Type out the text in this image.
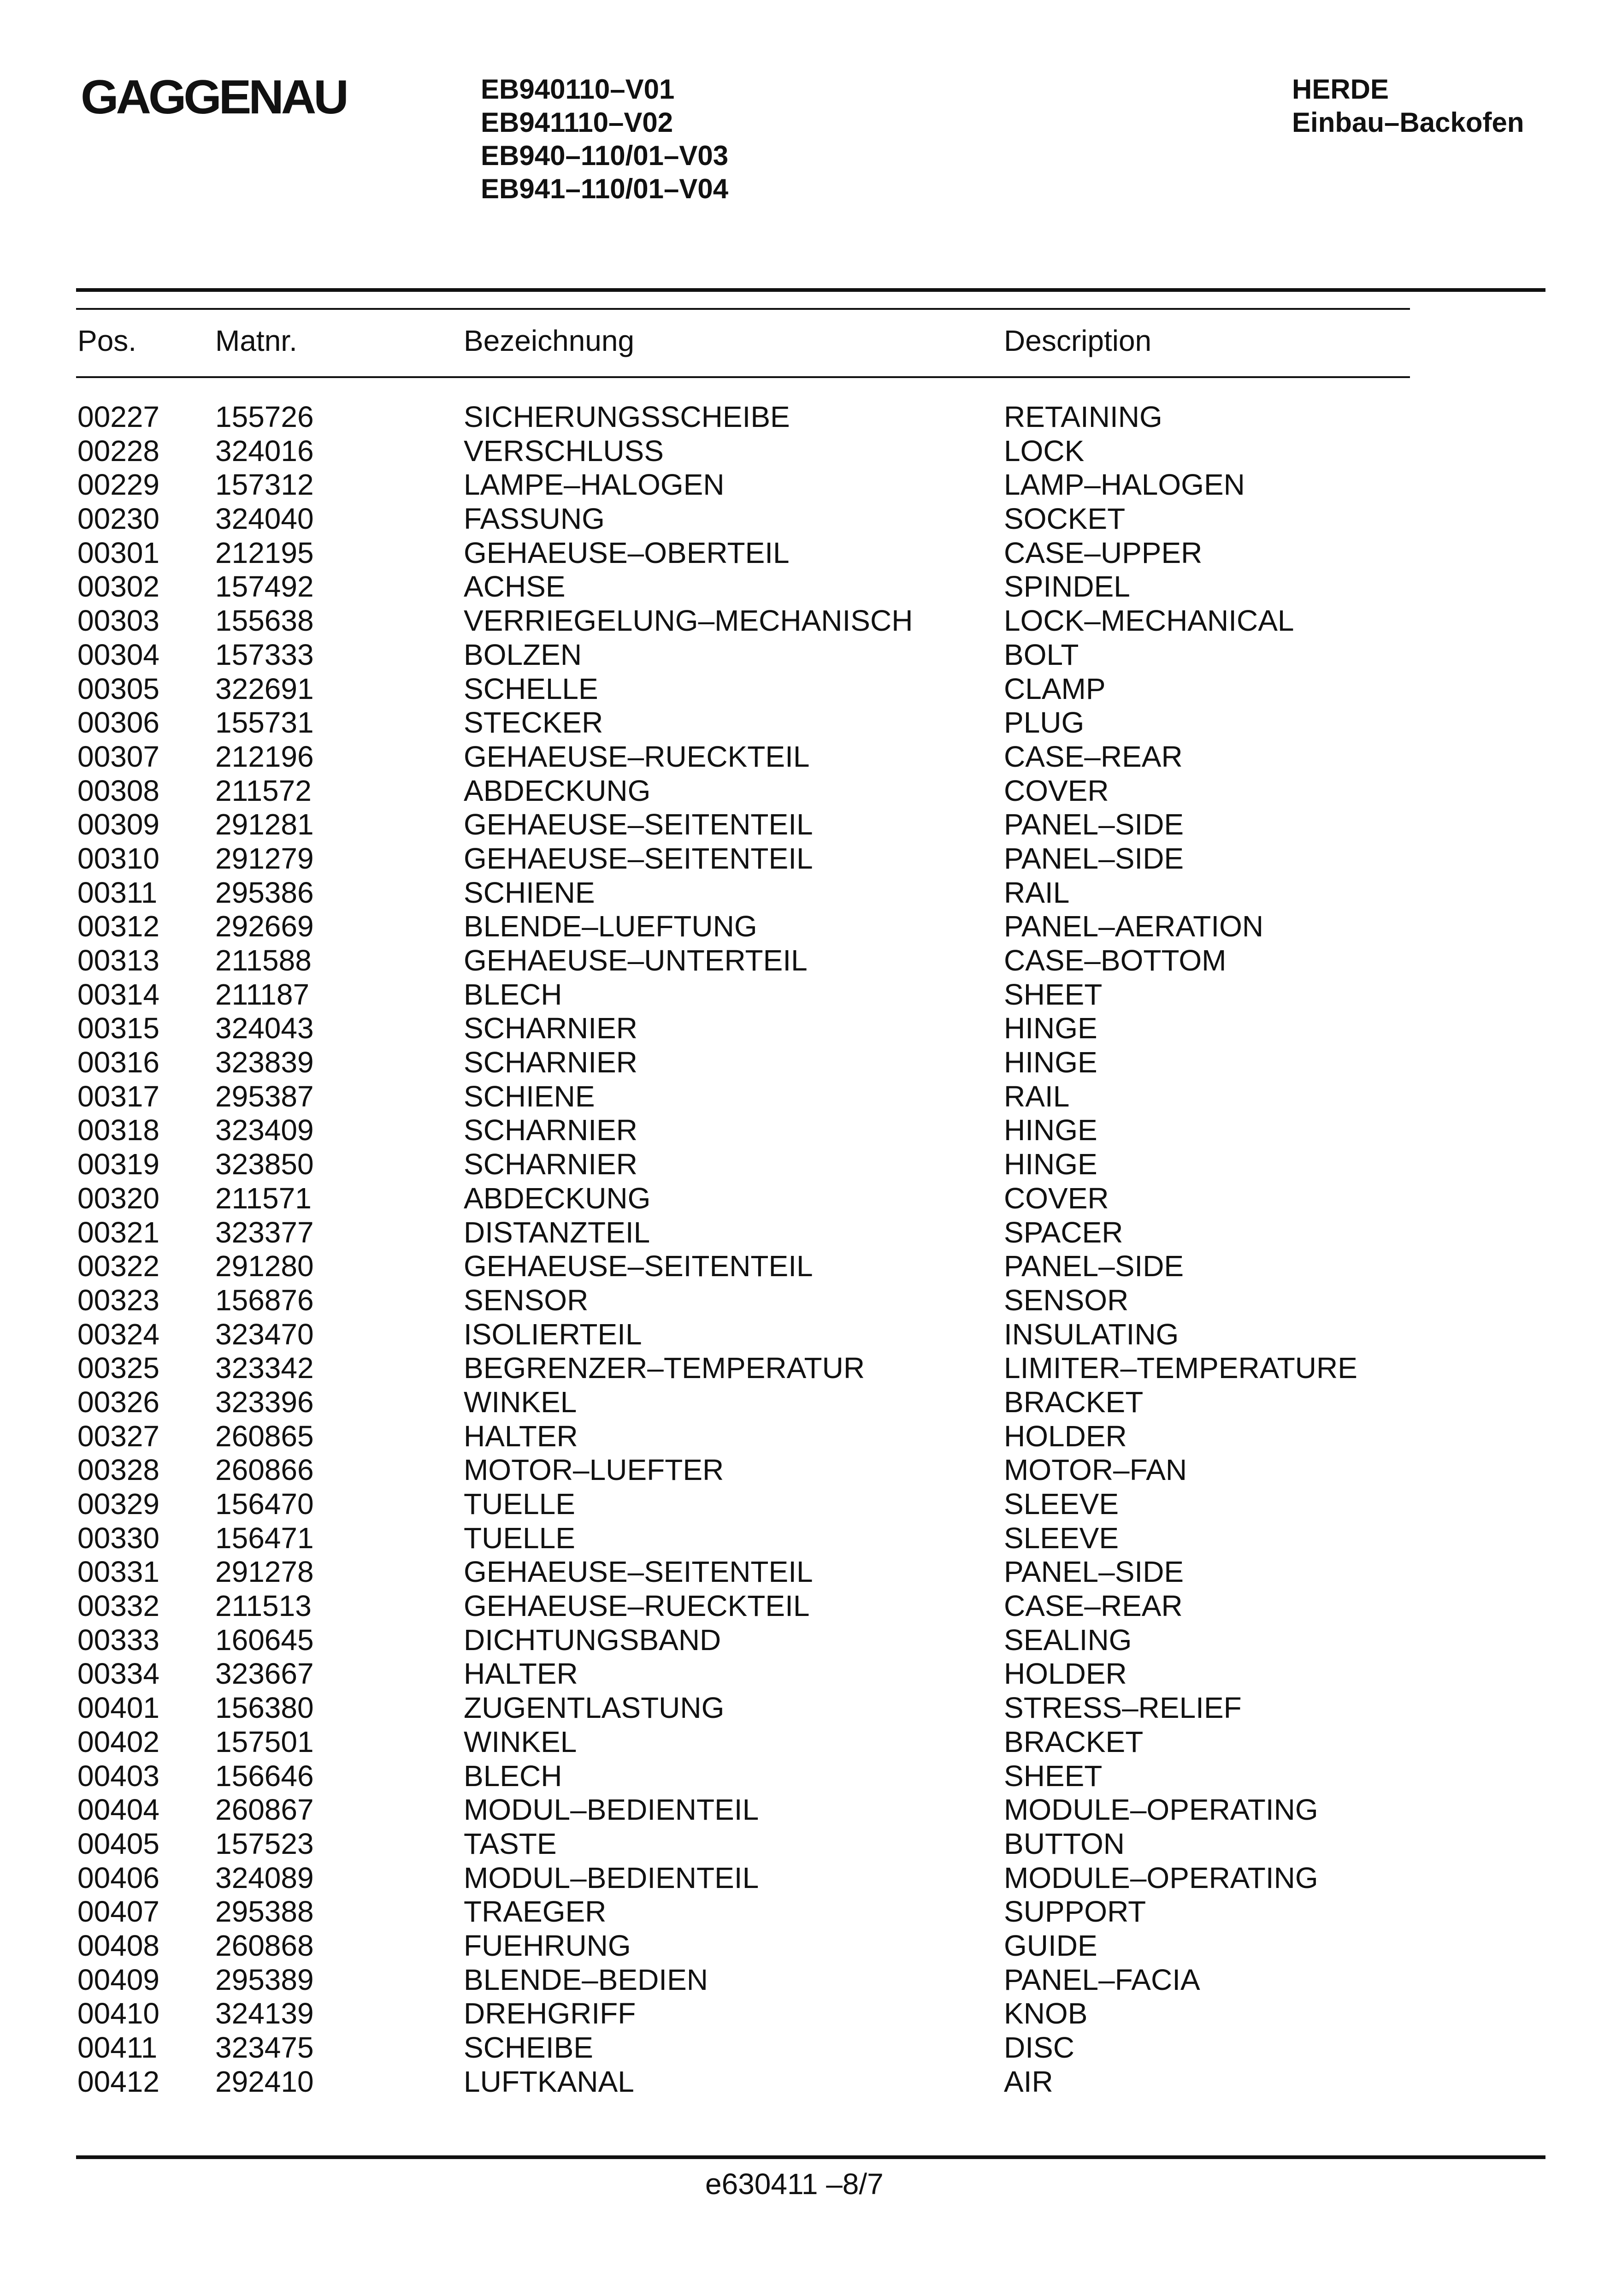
GAGGENAU	EB940110–V01
EB941110–V02
EB940–110/01–V03
EB941–110/01–V04
HERDE
Einbau–Backofen
Pos.	Matnr.	Bezeichnung	Description
00227 155726	SICHERUNGSSCHEIBE	RETAINING
00228 324016	VERSCHLUSS	LOCK
00229 157312	LAMPE–HALOGEN	LAMP–HALOGEN
00230 324040	FASSUNG	SOCKET
00301 212195	GEHAEUSE–OBERTEIL	CASE–UPPER
00302 157492	ACHSE	SPINDEL
00303 155638	VERRIEGELUNG–MECHANISCH	LOCK–MECHANICAL
00304 157333	BOLZEN	BOLT
00305 322691	SCHELLE	CLAMP
00306 155731	STECKER	PLUG
00307 212196	GEHAEUSE–RUECKTEIL	CASE–REAR
00308 211572	ABDECKUNG	COVER
00309 291281	GEHAEUSE–SEITENTEIL	PANEL–SIDE
00310 291279	GEHAEUSE–SEITENTEIL	PANEL–SIDE
00311 295386	SCHIENE	RAIL
00312 292669	BLENDE–LUEFTUNG	PANEL–AERATION
00313 211588	GEHAEUSE–UNTERTEIL	CASE–BOTTOM
00314 211187	BLECH	SHEET
00315 324043	SCHARNIER	HINGE
00316 323839	SCHARNIER	HINGE
00317 295387	SCHIENE	RAIL
00318 323409	SCHARNIER	HINGE
00319 323850	SCHARNIER	HINGE
00320 211571	ABDECKUNG	COVER
00321 323377	DISTANZTEIL	SPACER
00322 291280	GEHAEUSE–SEITENTEIL	PANEL–SIDE
00323 156876	SENSOR	SENSOR
00324 323470	ISOLIERTEIL	INSULATING
00325 323342	BEGRENZER–TEMPERATUR	LIMITER–TEMPERATURE
00326 323396	WINKEL	BRACKET
00327 260865	HALTER	HOLDER
00328 260866	MOTOR–LUEFTER	MOTOR–FAN
00329 156470	TUELLE	SLEEVE
00330 156471	TUELLE	SLEEVE
00331 291278	GEHAEUSE–SEITENTEIL	PANEL–SIDE
00332 211513	GEHAEUSE–RUECKTEIL	CASE–REAR
00333 160645	DICHTUNGSBAND	SEALING
00334 323667	HALTER	HOLDER
00401 156380	ZUGENTLASTUNG	STRESS–RELIEF
00402 157501	WINKEL	BRACKET
00403 156646	BLECH	SHEET
00404 260867	MODUL–BEDIENTEIL	MODULE–OPERATING
00405 157523	TASTE	BUTTON
00406 324089	MODUL–BEDIENTEIL	MODULE–OPERATING
00407 295388	TRAEGER	SUPPORT
00408 260868	FUEHRUNG	GUIDE
00409 295389	BLENDE–BEDIEN	PANEL–FACIA
00410 324139	DREHGRIFF	KNOB
00411 323475	SCHEIBE	DISC
00412 292410	LUFTKANAL	AIR
e630411 –8/7
